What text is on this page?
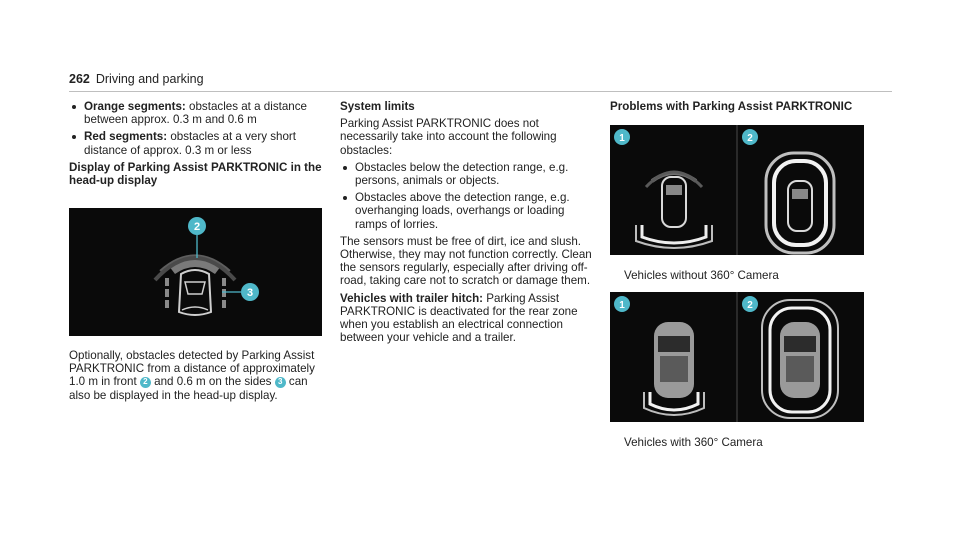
262 Driving and parking
Orange segments: obstacles at a distance between approx. 0.3 m and 0.6 m
Red segments: obstacles at a very short distance of approx. 0.3 m or less

Display of Parking Assist PARKTRONIC in the head-up display

2
3

Optionally, obstacles detected by Parking Assist PARKTRONIC from a distance of approximately 1.0 m in front 2 and 0.6 m on the sides 3 can also be displayed in the head-up display.

System limits

Parking Assist PARKTRONIC does not necessarily take into account the following obstacles:

Obstacles below the detection range, e.g. persons, animals or objects.
Obstacles above the detection range, e.g. overhanging loads, overhangs or loading ramps of lorries.

The sensors must be free of dirt, ice and slush. Otherwise, they may not function correctly. Clean the sensors regularly, especially after driving off-road, taking care not to scratch or damage them.

Vehicles with trailer hitch: Parking Assist PARKTRONIC is deactivated for the rear zone when you establish an electrical connection between your vehicle and a trailer.

Problems with Parking Assist PARKTRONIC

1	2
Vehicles without 360° Camera
1	2
Vehicles with 360° Camera
